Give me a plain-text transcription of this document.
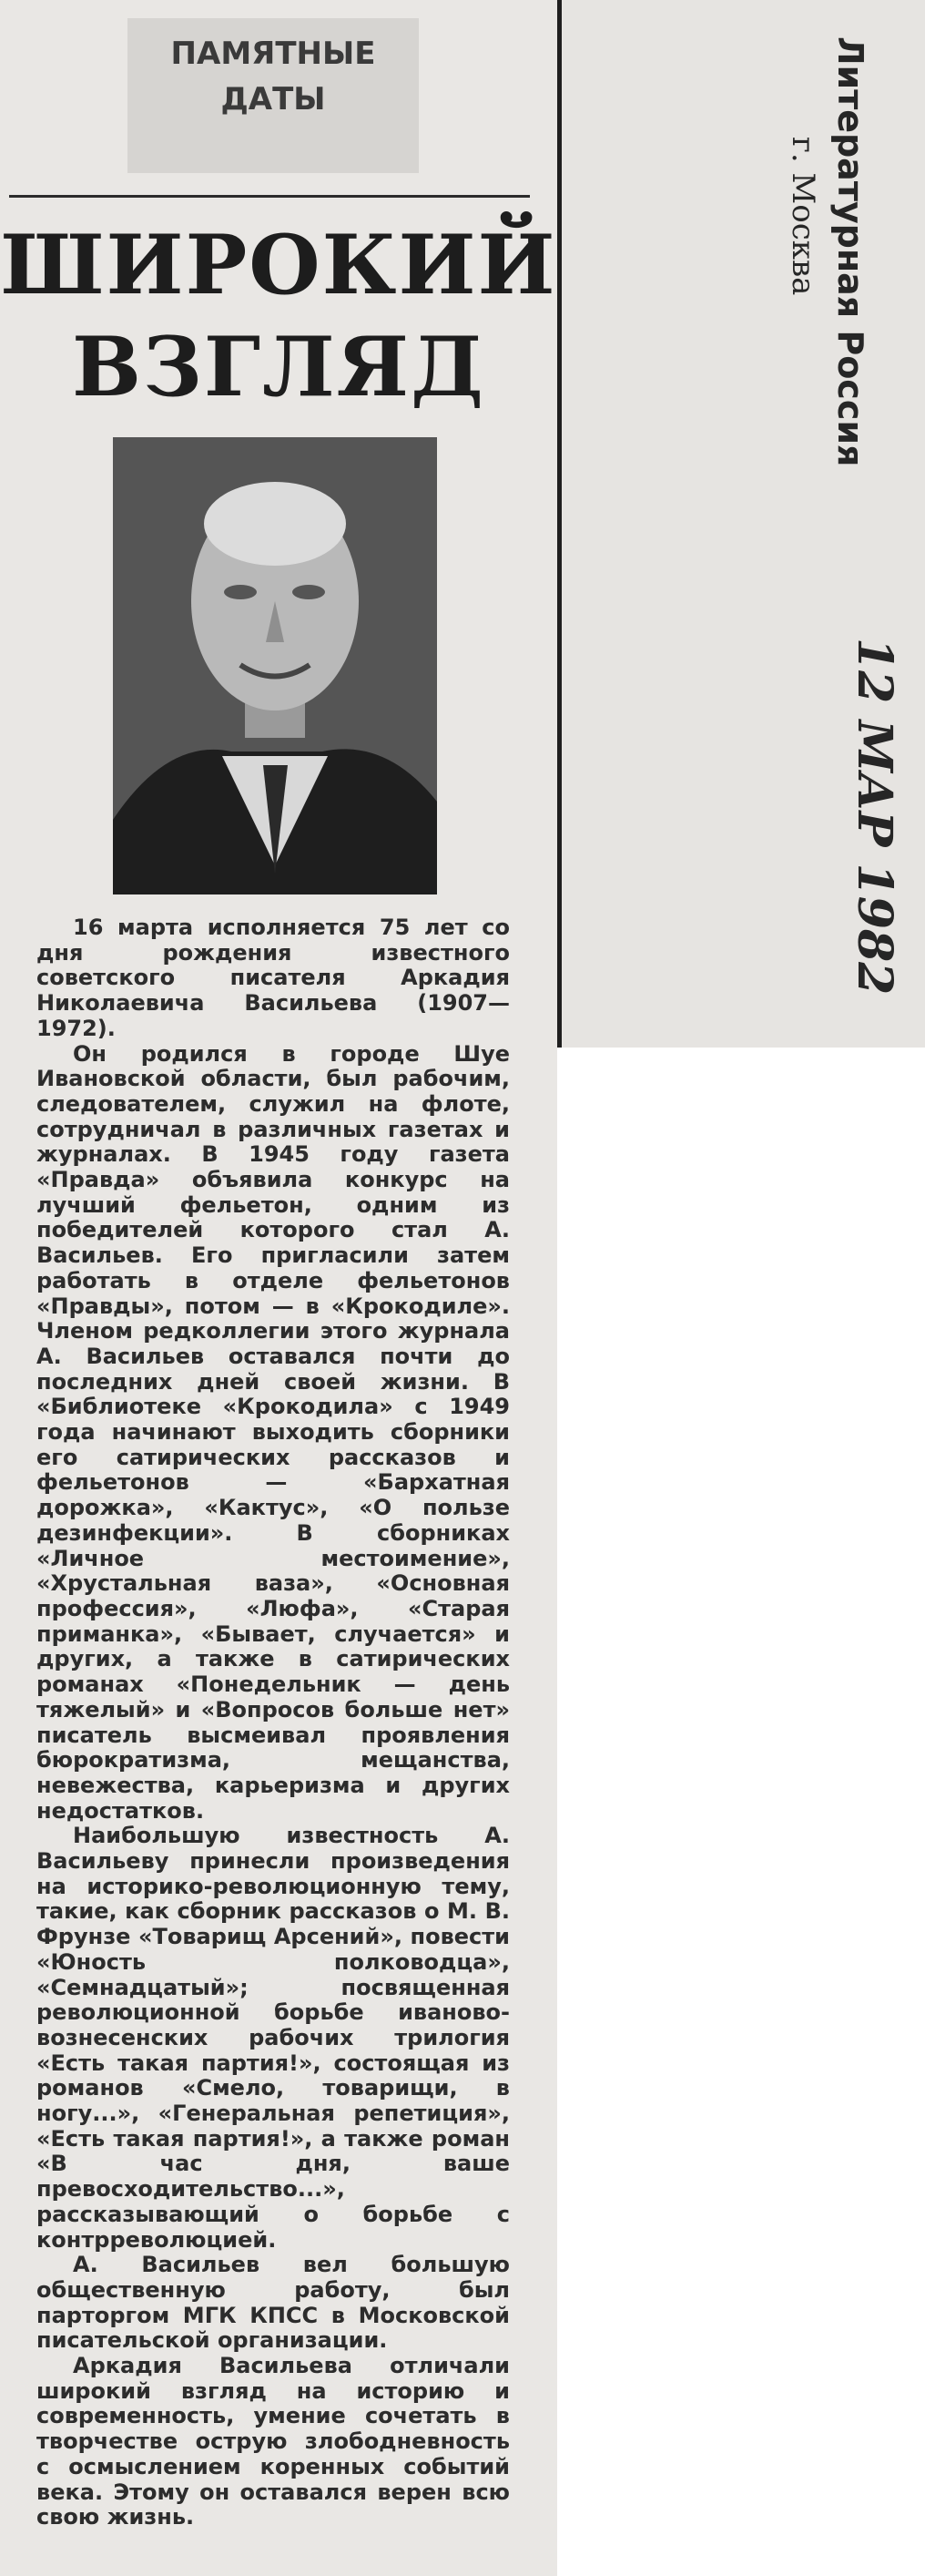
ПАМЯТНЫЕ
ДАТЫ
ШИРОКИЙ
ВЗГЛЯД

16 марта исполняется 75 лет со дня рождения известного советского писателя Аркадия Николаевича Васильева (1907—1972).

Он родился в городе Шуе Ивановской области, был рабочим, следователем, служил на флоте, сотрудничал в различных газетах и журналах. В 1945 году газета «Правда» объявила конкурс на лучший фельетон, одним из победителей которого стал А. Васильев. Его пригласили затем работать в отделе фельетонов «Правды», потом — в «Крокодиле». Членом редколлегии этого журнала А. Васильев оставался почти до последних дней своей жизни. В «Библиотеке «Крокодила» с 1949 года начинают выходить сборники его сатирических рассказов и фельетонов — «Бархатная дорожка», «Кактус», «О пользе дезинфекции». В сборниках «Личное местоимение», «Хрустальная ваза», «Основная профессия», «Люфа», «Старая приманка», «Бывает, случается» и других, а также в сатирических романах «Понедельник — день тяжелый» и «Вопросов больше нет» писатель высмеивал проявления бюрократизма, мещанства, невежества, карьеризма и других недостатков.

Наибольшую известность А. Васильеву принесли произведения на историко-революционную тему, такие, как сборник рассказов о М. В. Фрунзе «Товарищ Арсений», повести «Юность полководца», «Семнадцатый»; посвященная революционной борьбе иваново-вознесенских рабочих трилогия «Есть такая партия!», состоящая из романов «Смело, товарищи, в ногу...», «Генеральная репетиция», «Есть такая партия!», а также роман «В час дня, ваше превосходительство...», рассказывающий о борьбе с контрреволюцией.

А. Васильев вел большую общественную работу, был парторгом МГК КПСС в Московской писательской организации.

Аркадия Васильева отличали широкий взгляд на историю и современность, умение сочетать в творчестве острую злободневность с осмыслением коренных событий века. Этому он оставался верен всю свою жизнь.

Литературная Россия
г. Москва
12 МАР 1982
